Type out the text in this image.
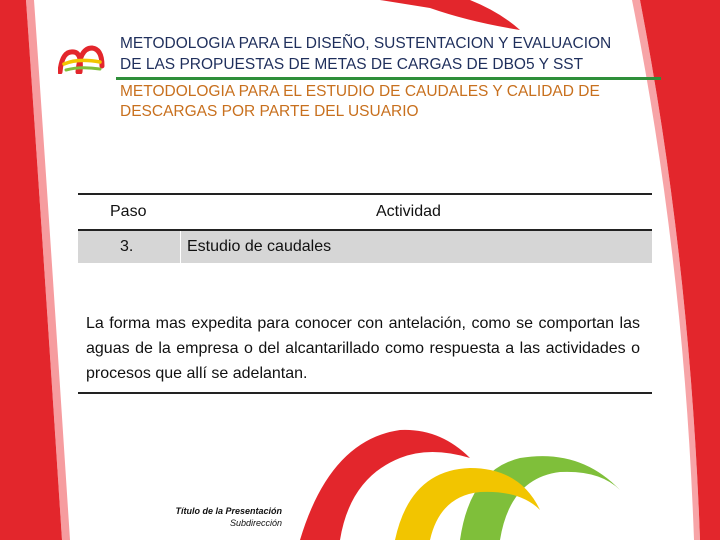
METODOLOGIA PARA EL DISEÑO, SUSTENTACION Y EVALUACION
DE LAS PROPUESTAS DE METAS DE CARGAS DE DBO5 Y SST
METODOLOGIA PARA EL ESTUDIO DE CAUDALES Y CALIDAD DE DESCARGAS POR PARTE DEL USUARIO
Paso	Actividad
3.	Estudio de caudales
La forma mas expedita para conocer con antelación, como se comportan las aguas de la empresa o del alcantarillado como respuesta a las actividades o procesos que allí se adelantan.
Título de la Presentación
Subdirección
